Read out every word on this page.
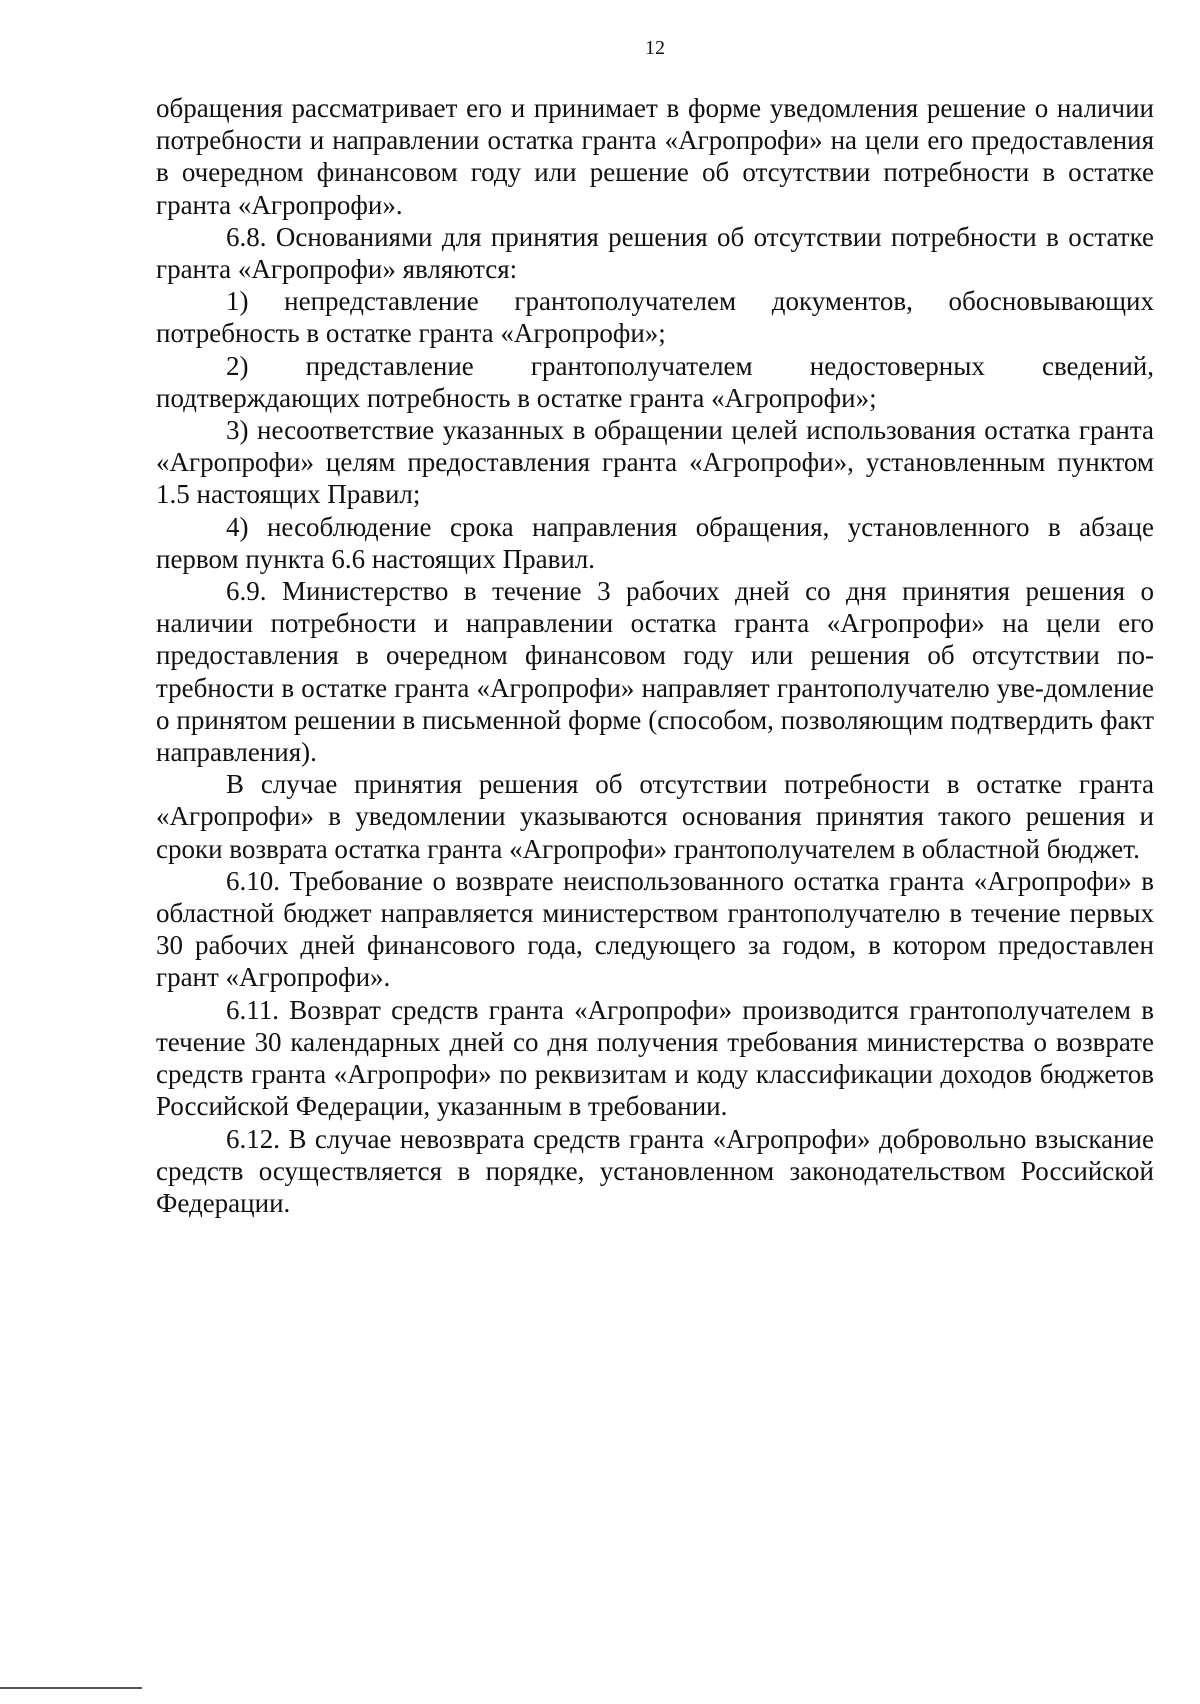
12

обращения рассматривает его и принимает в форме уведомления решение о наличии потребности и направлении остатка гранта «Агропрофи» на цели его предоставления в очередном финансовом году или решение об отсутствии потребности в остатке гранта «Агропрофи».

6.8. Основаниями для принятия решения об отсутствии потребности в остатке гранта «Агропрофи» являются:

1) непредставление грантополучателем документов, обосновывающих потребность в остатке гранта «Агропрофи»;

2) представление грантополучателем недостоверных сведений, подтверждающих потребность в остатке гранта «Агропрофи»;

3) несоответствие указанных в обращении целей использования остатка гранта «Агропрофи» целям предоставления гранта «Агропрофи», установленным пунктом 1.5 настоящих Правил;

4) несоблюдение срока направления обращения, установленного в абзаце первом пункта 6.6 настоящих Правил.

6.9. Министерство в течение 3 рабочих дней со дня принятия решения о наличии потребности и направлении остатка гранта «Агропрофи» на цели его предоставления в очередном финансовом году или решения об отсутствии по-требности в остатке гранта «Агропрофи» направляет грантополучателю уве-домление о принятом решении в письменной форме (способом, позволяющим подтвердить факт направления).

В случае принятия решения об отсутствии потребности в остатке гранта «Агропрофи» в уведомлении указываются основания принятия такого решения и сроки возврата остатка гранта «Агропрофи» грантополучателем в областной бюджет.

6.10. Требование о возврате неиспользованного остатка гранта «Агропрофи» в областной бюджет направляется министерством грантополучателю в течение первых 30 рабочих дней финансового года, следующего за годом, в котором предоставлен грант «Агропрофи».

6.11. Возврат средств гранта «Агропрофи» производится грантополучателем в течение 30 календарных дней со дня получения требования министерства о возврате средств гранта «Агропрофи» по реквизитам и коду классификации доходов бюджетов Российской Федерации, указанным в требовании.

6.12. В случае невозврата средств гранта «Агропрофи» добровольно взыскание средств осуществляется в порядке, установленном законодательством Российской Федерации.
